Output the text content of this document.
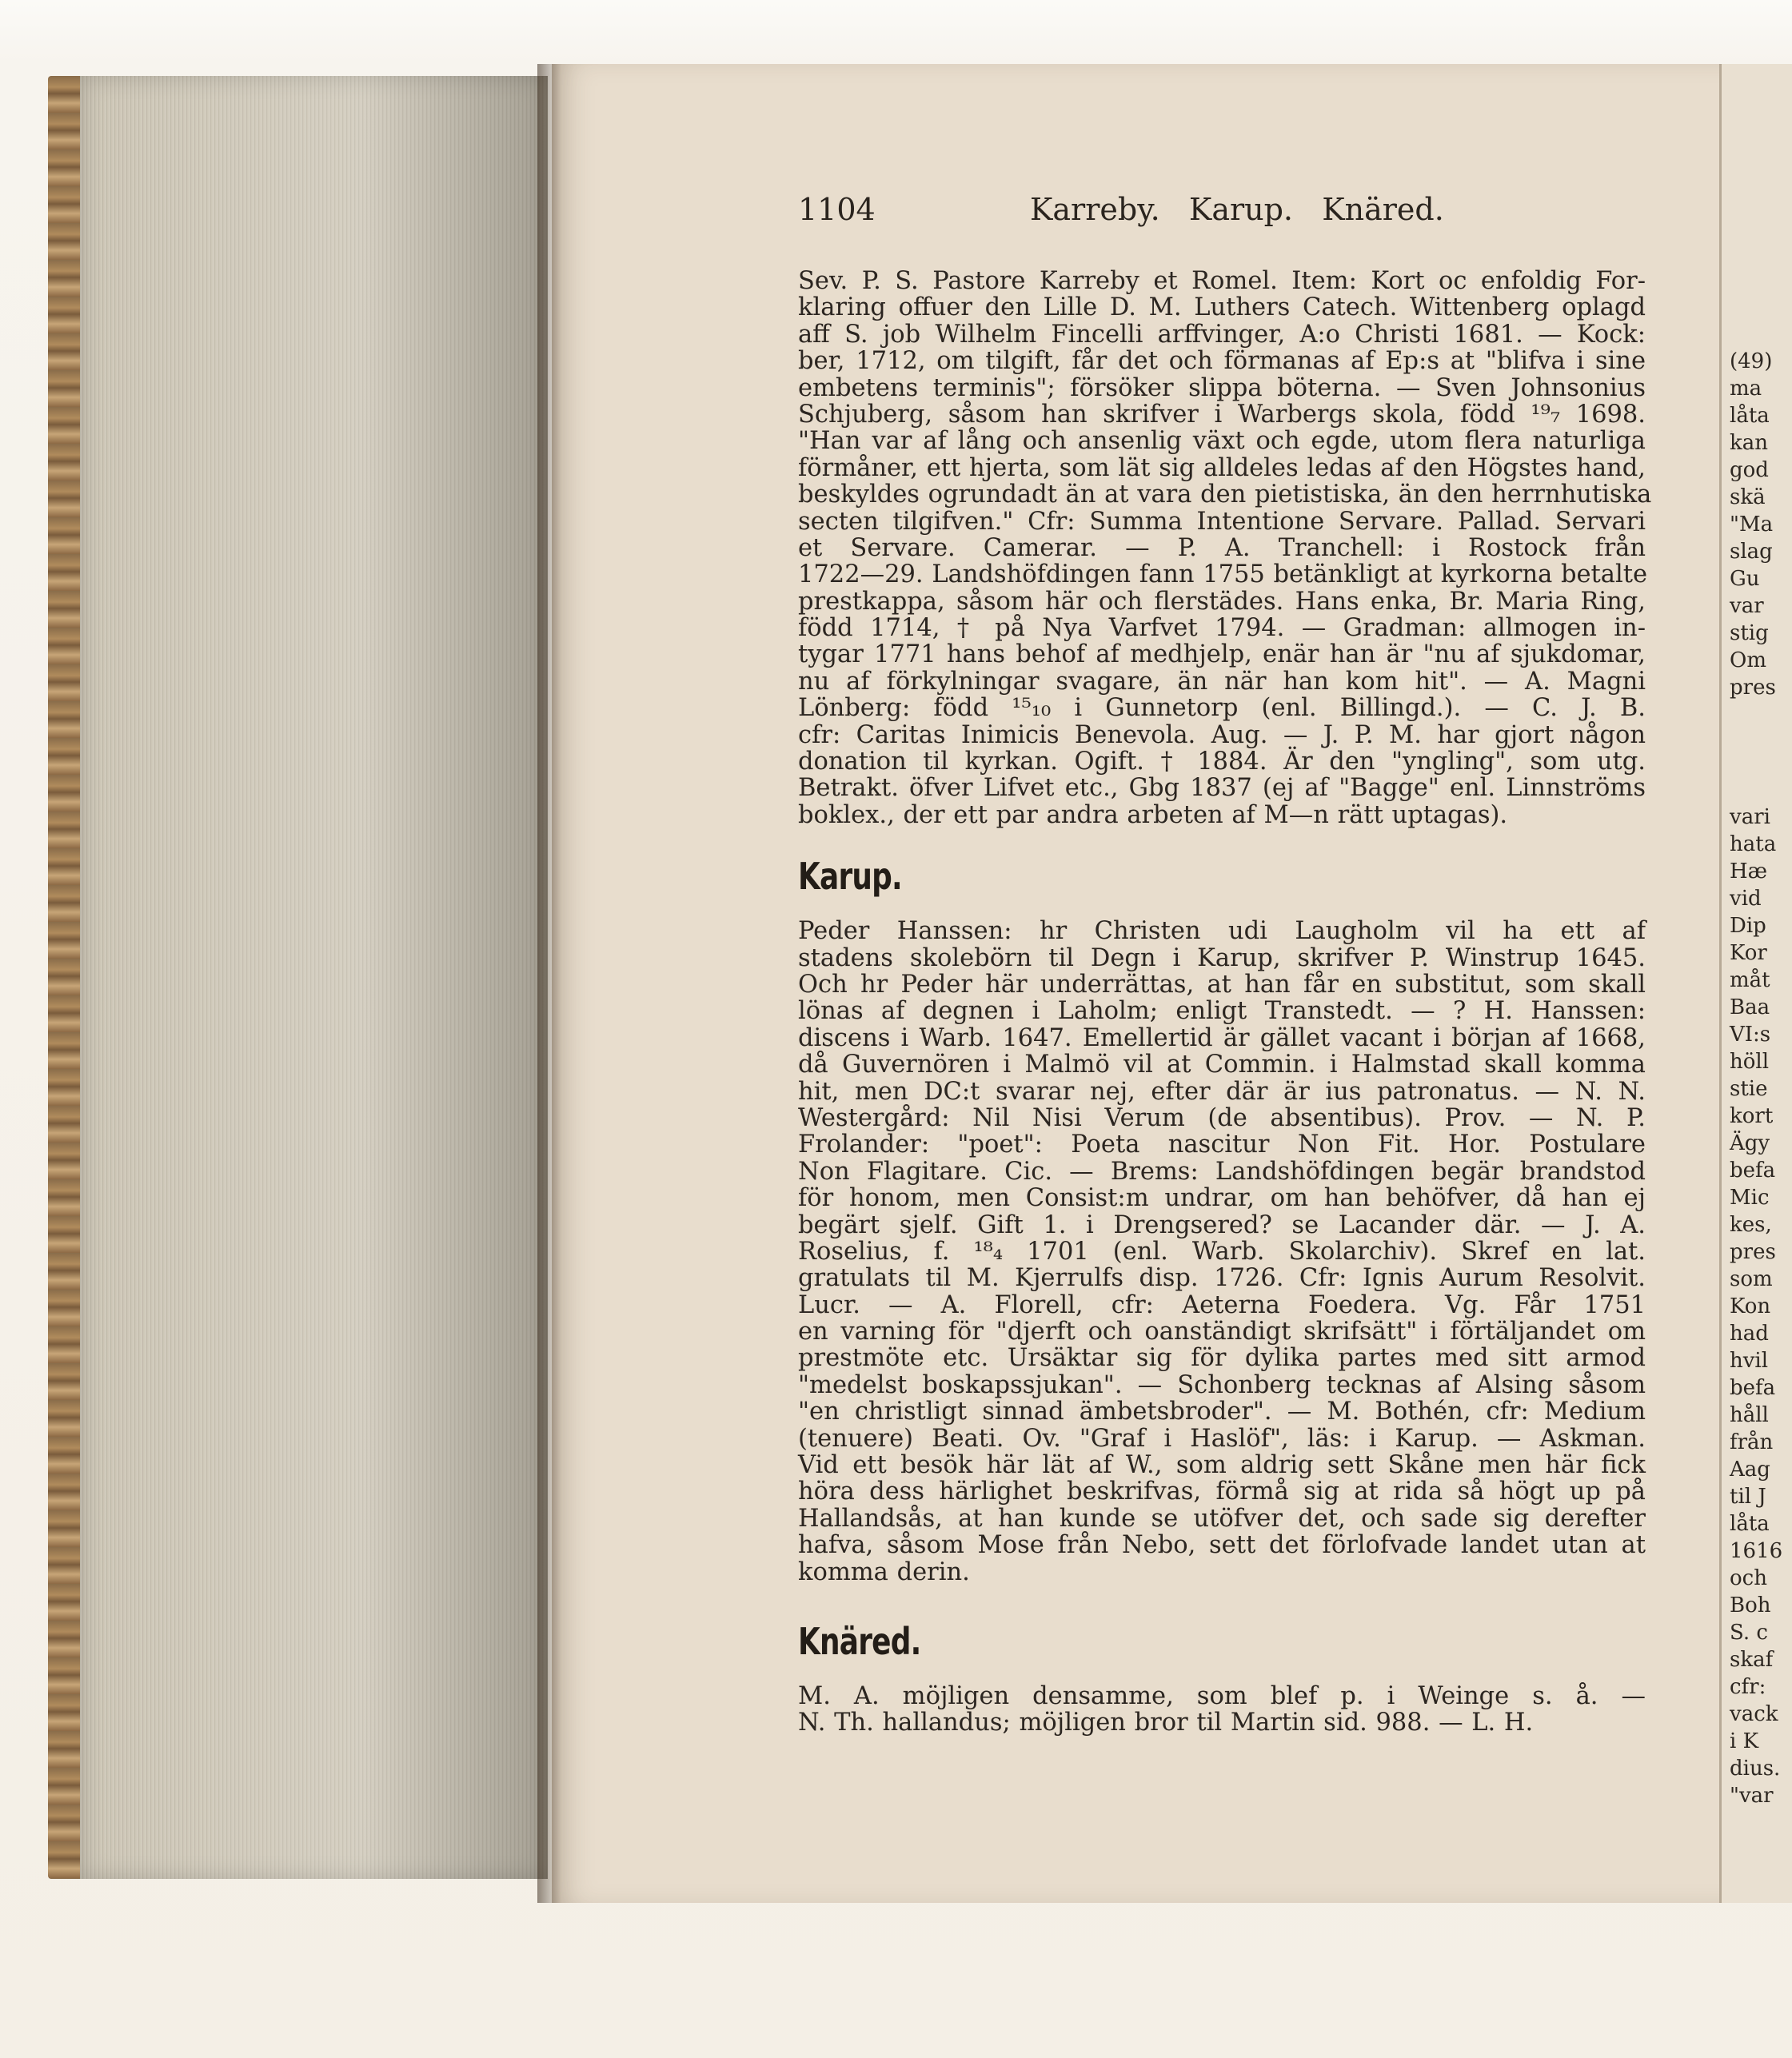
(49)
ma
låta
kan
god
skä
"Ma
slag
Gu
var
stig
Om
pres
vari
hata
Hæ
vid
Dip
Kor
måt
Baa
VI:s
höll
stie
kort
Ägy
befa
Mic
kes,
pres
som
Kon
had
hvil
befa
håll
från
Aag
til J
låta
1616
och
Boh
S. c
skaf
cfr:
vack
i K
dius.
"var
1104	Karreby.   Karup.   Knäred.
Sev. P. S. Pastore Karreby et Romel. Item: Kort oc enfoldig For-
klaring offuer den Lille D. M. Luthers Catech. Wittenberg oplagd
aff S. job Wilhelm Fincelli arffvinger, A:o Christi 1681. — Kock:
ber, 1712, om tilgift, får det och förmanas af Ep:s at "blifva i sine
embetens terminis"; försöker slippa böterna. — Sven Johnsonius
Schjuberg, såsom han skrifver i Warbergs skola, född ¹⁹₇ 1698.
"Han var af lång och ansenlig växt och egde, utom flera naturliga
förmåner, ett hjerta, som lät sig alldeles ledas af den Högstes hand,
beskyldes ogrundadt än at vara den pietistiska, än den herrnhutiska
secten tilgifven." Cfr: Summa Intentione Servare. Pallad. Servari
et Servare. Camerar. — P. A. Tranchell: i Rostock från
1722—29. Landshöfdingen fann 1755 betänkligt at kyrkorna betalte
prestkappa, såsom här och flerstädes. Hans enka, Br. Maria Ring,
född 1714, † på Nya Varfvet 1794. — Gradman: allmogen in-
tygar 1771 hans behof af medhjelp, enär han är "nu af sjukdomar,
nu af förkylningar svagare, än när han kom hit". — A. Magni
Lönberg: född ¹⁵₁₀ i Gunnetorp (enl. Billingd.). — C. J. B.
cfr: Caritas Inimicis Benevola. Aug. — J. P. M. har gjort någon
donation til kyrkan. Ogift. † 1884. Är den "yngling", som utg.
Betrakt. öfver Lifvet etc., Gbg 1837 (ej af "Bagge" enl. Linnströms
boklex., der ett par andra arbeten af M—n rätt uptagas).
Karup.
Peder Hanssen: hr Christen udi Laugholm vil ha ett af
stadens skolebörn til Degn i Karup, skrifver P. Winstrup 1645.
Och hr Peder här underrättas, at han får en substitut, som skall
lönas af degnen i Laholm; enligt Transtedt. — ? H. Hanssen:
discens i Warb. 1647. Emellertid är gället vacant i början af 1668,
då Guvernören i Malmö vil at Commin. i Halmstad skall komma
hit, men DC:t svarar nej, efter där är ius patronatus. — N. N.
Westergård: Nil Nisi Verum (de absentibus). Prov. — N. P.
Frolander: "poet": Poeta nascitur Non Fit. Hor. Postulare
Non Flagitare. Cic. — Brems: Landshöfdingen begär brandstod
för honom, men Consist:m undrar, om han behöfver, då han ej
begärt sjelf. Gift 1. i Drengsered? se Lacander där. — J. A.
Roselius, f. ¹⁸₄ 1701 (enl. Warb. Skolarchiv). Skref en lat.
gratulats til M. Kjerrulfs disp. 1726. Cfr: Ignis Aurum Resolvit.
Lucr. — A. Florell, cfr: Aeterna Foedera. Vg. Får 1751
en varning för "djerft och oanständigt skrifsätt" i förtäljandet om
prestmöte etc. Ursäktar sig för dylika partes med sitt armod
"medelst boskapssjukan". — Schonberg tecknas af Alsing såsom
"en christligt sinnad ämbetsbroder". — M. Bothén, cfr: Medium
(tenuere) Beati. Ov. "Graf i Haslöf", läs: i Karup. — Askman.
Vid ett besök här lät af W., som aldrig sett Skåne men här fick
höra dess härlighet beskrifvas, förmå sig at rida så högt up på
Hallandsås, at han kunde se utöfver det, och sade sig derefter
hafva, såsom Mose från Nebo, sett det förlofvade landet utan at
komma derin.
Knäred.
M. A. möjligen densamme, som blef p. i Weinge s. å. —
N. Th. hallandus; möjligen bror til Martin sid. 988. — L. H.
